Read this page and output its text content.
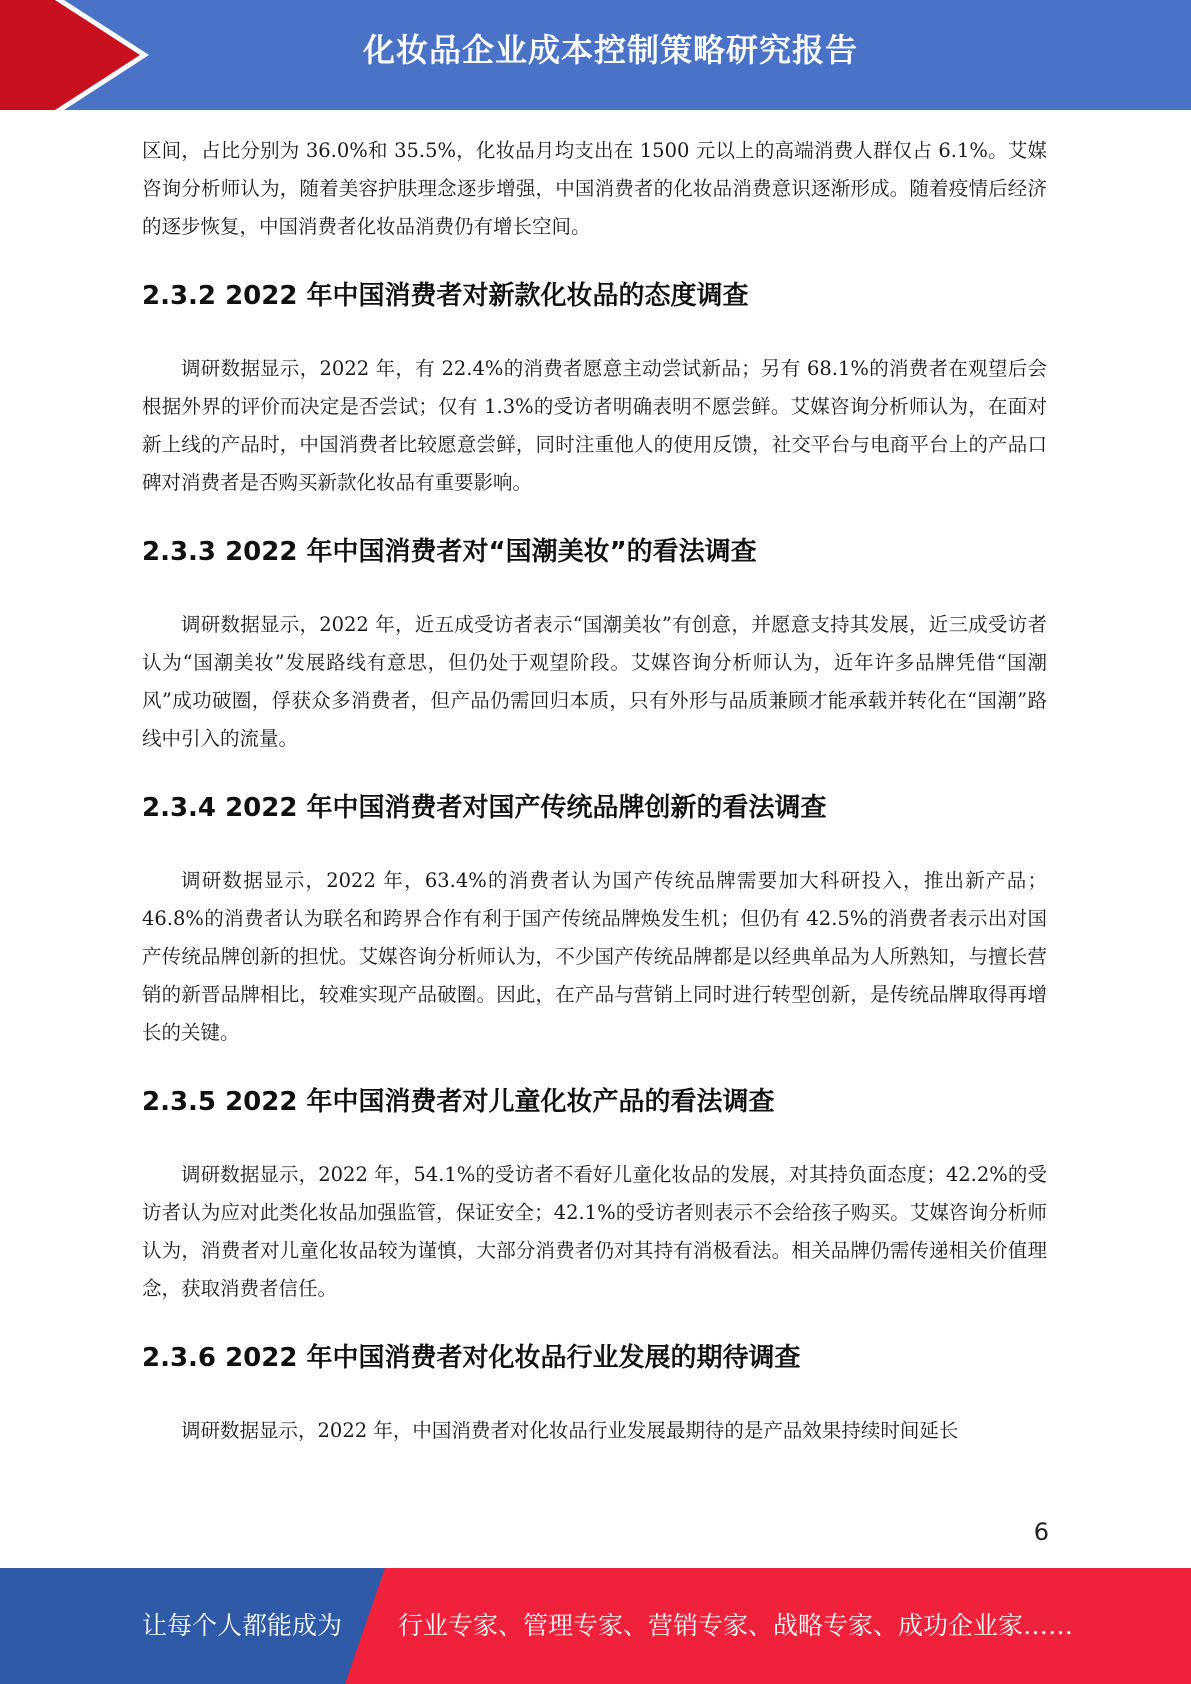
化妆品企业成本控制策略研究报告

区间，占比分别为 36.0%和 35.5%，化妆品月均支出在 1500 元以上的高端消费人群仅占 6.1%。艾媒咨询分析师认为，随着美容护肤理念逐步增强，中国消费者的化妆品消费意识逐渐形成。随着疫情后经济的逐步恢复，中国消费者化妆品消费仍有增长空间。

2.3.2 2022 年中国消费者对新款化妆品的态度调查

调研数据显示，2022 年，有 22.4%的消费者愿意主动尝试新品；另有 68.1%的消费者在观望后会根据外界的评价而决定是否尝试；仅有 1.3%的受访者明确表明不愿尝鲜。艾媒咨询分析师认为，在面对新上线的产品时，中国消费者比较愿意尝鲜，同时注重他人的使用反馈，社交平台与电商平台上的产品口碑对消费者是否购买新款化妆品有重要影响。

2.3.3 2022 年中国消费者对“国潮美妆”的看法调查

调研数据显示，2022 年，近五成受访者表示“国潮美妆”有创意，并愿意支持其发展，近三成受访者认为“国潮美妆”发展路线有意思，但仍处于观望阶段。艾媒咨询分析师认为，近年许多品牌凭借“国潮风”成功破圈，俘获众多消费者，但产品仍需回归本质，只有外形与品质兼顾才能承载并转化在“国潮”路线中引入的流量。

2.3.4 2022 年中国消费者对国产传统品牌创新的看法调查

调研数据显示，2022 年，63.4%的消费者认为国产传统品牌需要加大科研投入，推出新产品；46.8%的消费者认为联名和跨界合作有利于国产传统品牌焕发生机；但仍有 42.5%的消费者表示出对国产传统品牌创新的担忧。艾媒咨询分析师认为，不少国产传统品牌都是以经典单品为人所熟知，与擅长营销的新晋品牌相比，较难实现产品破圈。因此，在产品与营销上同时进行转型创新，是传统品牌取得再增长的关键。

2.3.5 2022 年中国消费者对儿童化妆产品的看法调查

调研数据显示，2022 年，54.1%的受访者不看好儿童化妆品的发展，对其持负面态度；42.2%的受访者认为应对此类化妆品加强监管，保证安全；42.1%的受访者则表示不会给孩子购买。艾媒咨询分析师认为，消费者对儿童化妆品较为谨慎，大部分消费者仍对其持有消极看法。相关品牌仍需传递相关价值理念，获取消费者信任。

2.3.6 2022 年中国消费者对化妆品行业发展的期待调查

调研数据显示，2022 年，中国消费者对化妆品行业发展最期待的是产品效果持续时间延长

6
让每个人都能成为 行业专家、管理专家、营销专家、战略专家、成功企业家……
